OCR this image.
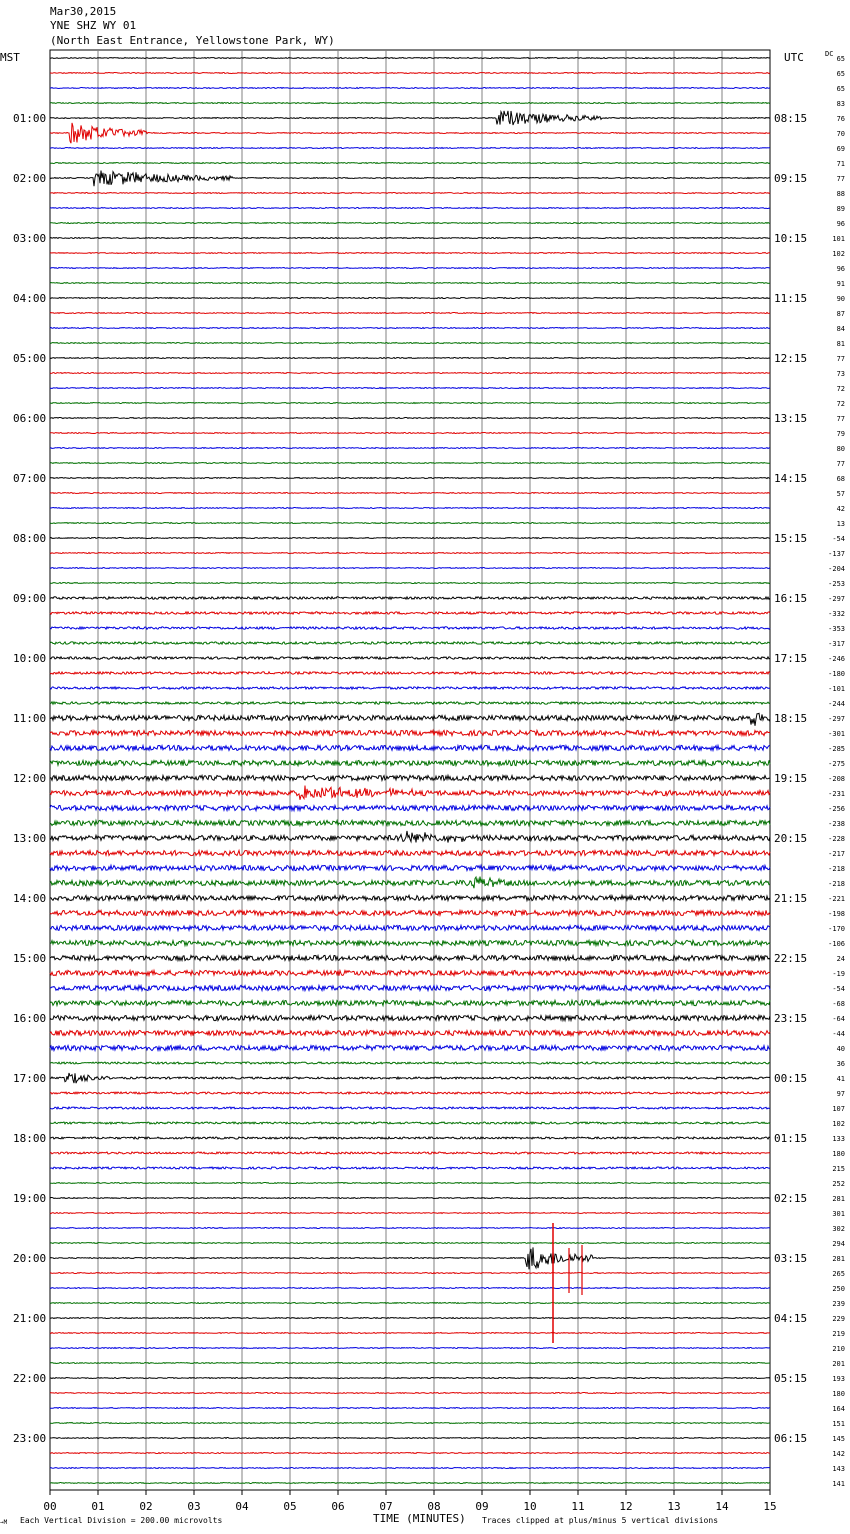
Mar30,2015
YNE SHZ WY 01
(North East Entrance, Yellowstone Park, WY)
MST	UTC	DC
01:00
02:00
03:00
04:00
05:00
06:00
07:00
08:00
09:00
10:00
11:00
12:00
13:00
14:00
15:00
16:00
17:00
18:00
19:00
20:00
21:00
22:00
23:00
08:15
09:15
10:15
11:15
12:15
13:15
14:15
15:15
16:15
17:15
18:15
19:15
20:15
21:15
22:15
23:15
00:15
01:15
02:15
03:15
04:15
05:15
06:15
65
65
65
83
76
70
69
71
77
88
89
96
101
102
96
91
90
87
84
81
77
73
72
72
77
79
80
77
68
57
42
13
-54
-137
-204
-253
-297
-332
-353
-317
-246
-180
-101
-244
-297
-301
-285
-275
-208
-231
-256
-238
-228
-217
-218
-218
-221
-198
-170
-106
24
-19
-54
-68
-64
-44
40
36
41
97
107
102
133
180
215
252
281
301
302
294
281
265
250
239
229
219
210
201
193
180
164
151
145
142
143
141
00	01	02	03	04	05	06	07	08	09	10	11	12	13	14	15
→M Each Vertical Division = 200.00 microvolts	TIME (MINUTES) Traces clipped at plus/minus 5 vertical divisions
